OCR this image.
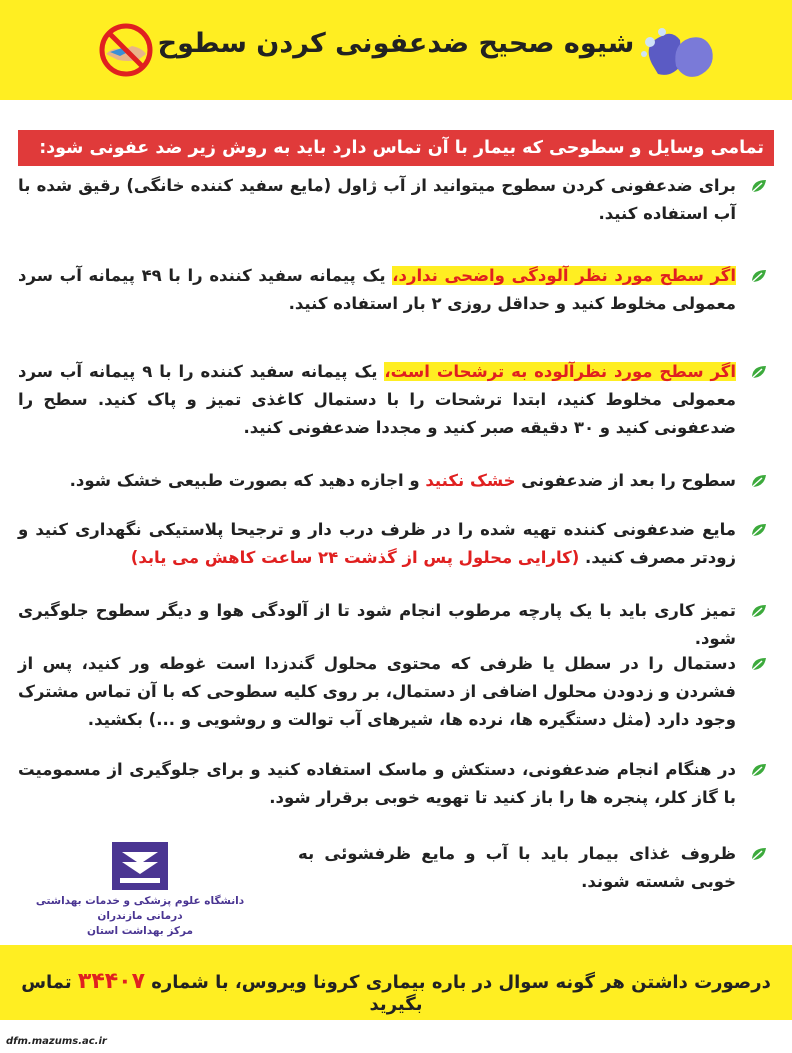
شیوه صحیح ضدعفونی کردن سطوح
تمامی وسایل و سطوحی که بیمار با آن تماس دارد باید به روش زیر ضد عفونی شود:

برای ضدعفونی کردن سطوح میتوانید از آب ژاول (مایع سفید کننده خانگی) رقیق شده با آب استفاده کنید.

اگر سطح مورد نظر آلودگی واضحی ندارد، یک پیمانه سفید کننده را با ۴۹ پیمانه آب سرد معمولی مخلوط کنید و حداقل روزی ۲ بار استفاده کنید.

اگر سطح مورد نظرآلوده به ترشحات است، یک پیمانه سفید کننده را با ۹ پیمانه آب سرد معمولی مخلوط کنید، ابتدا ترشحات را با دستمال کاغذی تمیز و پاک کنید. سطح را ضدعفونی کنید و ۳۰ دقیقه صبر کنید و مجددا ضدعفونی کنید.

سطوح را بعد از ضدعفونی خشک نکنید و اجازه دهید که بصورت طبیعی خشک شود.

مایع ضدعفونی کننده تهیه شده را در ظرف درب دار و ترجیحا پلاستیکی نگهداری کنید و زودتر مصرف کنید. (کارایی محلول پس از گذشت ۲۴ ساعت کاهش می یابد)

تمیز کاری باید با یک پارچه مرطوب انجام شود تا از آلودگی هوا و دیگر سطوح جلوگیری شود.

دستمال را در سطل یا ظرفی که محتوی محلول گندزدا است غوطه ور کنید، پس از فشردن و زدودن محلول اضافی از دستمال، بر روی کلیه سطوحی که با آن تماس مشترک وجود دارد (مثل دستگیره ها، نرده ها، شیرهای آب توالت و روشویی و ...) بکشید.

در هنگام انجام ضدعفونی، دستکش و ماسک استفاده کنید و برای جلوگیری از مسمومیت با گاز کلر، پنجره ها را باز کنید تا تهویه خوبی برقرار شود.

ظروف غذای بیمار باید با آب و مایع ظرفشوئی به خوبی شسته شوند.

دانشگاه علوم پزشکی و خدمات بهداشتی درمانی مازندران
مرکز بهداشت استان
درصورت داشتن هر گونه سوال در باره بیماری کرونا ویروس، با شماره ۳۴۴۰۷ تماس بگیرید
dfm.mazums.ac.ir
